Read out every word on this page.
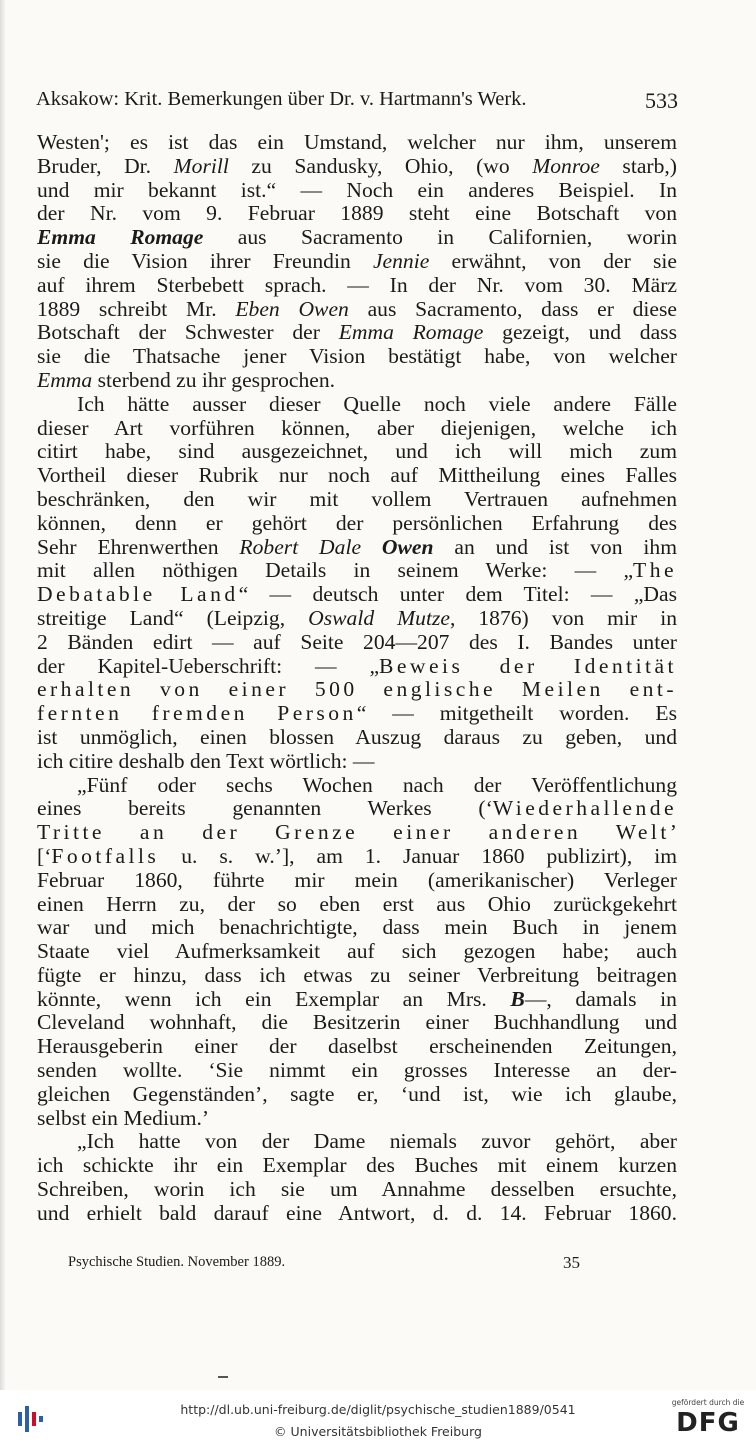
Aksakow: Krit. Bemerkungen über Dr. v. Hartmann's Werk.	533
Westen'; es ist das ein Umstand, welcher nur ihm, unserem
Bruder, Dr. Morill zu Sandusky, Ohio, (wo Monroe starb,)
und mir bekannt ist.“ — Noch ein anderes Beispiel. In
der Nr. vom 9. Februar 1889 steht eine Botschaft von
Emma Romage aus Sacramento in Californien, worin
sie die Vision ihrer Freundin Jennie erwähnt, von der sie
auf ihrem Sterbebett sprach. — In der Nr. vom 30. März
1889 schreibt Mr. Eben Owen aus Sacramento, dass er diese
Botschaft der Schwester der Emma Romage gezeigt, und dass
sie die Thatsache jener Vision bestätigt habe, von welcher
Emma sterbend zu ihr gesprochen.
Ich hätte ausser dieser Quelle noch viele andere Fälle
dieser Art vorführen können, aber diejenigen, welche ich
citirt habe, sind ausgezeichnet, und ich will mich zum
Vortheil dieser Rubrik nur noch auf Mittheilung eines Falles
beschränken, den wir mit vollem Vertrauen aufnehmen
können, denn er gehört der persönlichen Erfahrung des
Sehr Ehrenwerthen Robert Dale Owen an und ist von ihm
mit allen nöthigen Details in seinem Werke: — „The
Debatable Land“ — deutsch unter dem Titel: — „Das
streitige Land“ (Leipzig, Oswald Mutze, 1876) von mir in
2 Bänden edirt — auf Seite 204—207 des I. Bandes unter
der Kapitel-Ueberschrift: — „Beweis der Identität
erhalten von einer 500 englische Meilen ent-
fernten fremden Person“ — mitgetheilt worden. Es
ist unmöglich, einen blossen Auszug daraus zu geben, und
ich citire deshalb den Text wörtlich: —
„Fünf oder sechs Wochen nach der Veröffentlichung
eines bereits genannten Werkes (‘Wiederhallende
Tritte an der Grenze einer anderen Welt’
[‘Footfalls u. s. w.’], am 1. Januar 1860 publizirt), im
Februar 1860, führte mir mein (amerikanischer) Verleger
einen Herrn zu, der so eben erst aus Ohio zurückgekehrt
war und mich benachrichtigte, dass mein Buch in jenem
Staate viel Aufmerksamkeit auf sich gezogen habe; auch
fügte er hinzu, dass ich etwas zu seiner Verbreitung beitragen
könnte, wenn ich ein Exemplar an Mrs. B—, damals in
Cleveland wohnhaft, die Besitzerin einer Buchhandlung und
Herausgeberin einer der daselbst erscheinenden Zeitungen,
senden wollte. ‘Sie nimmt ein grosses Interesse an der-
gleichen Gegenständen’, sagte er, ‘und ist, wie ich glaube,
selbst ein Medium.’
„Ich hatte von der Dame niemals zuvor gehört, aber
ich schickte ihr ein Exemplar des Buches mit einem kurzen
Schreiben, worin ich sie um Annahme desselben ersuchte,
und erhielt bald darauf eine Antwort, d. d. 14. Februar 1860.
Psychische Studien. November 1889.	35
http://dl.ub.uni-freiburg.de/diglit/psychische_studien1889/0541
© Universitätsbibliothek Freiburg
gefördert durch die
DFG
